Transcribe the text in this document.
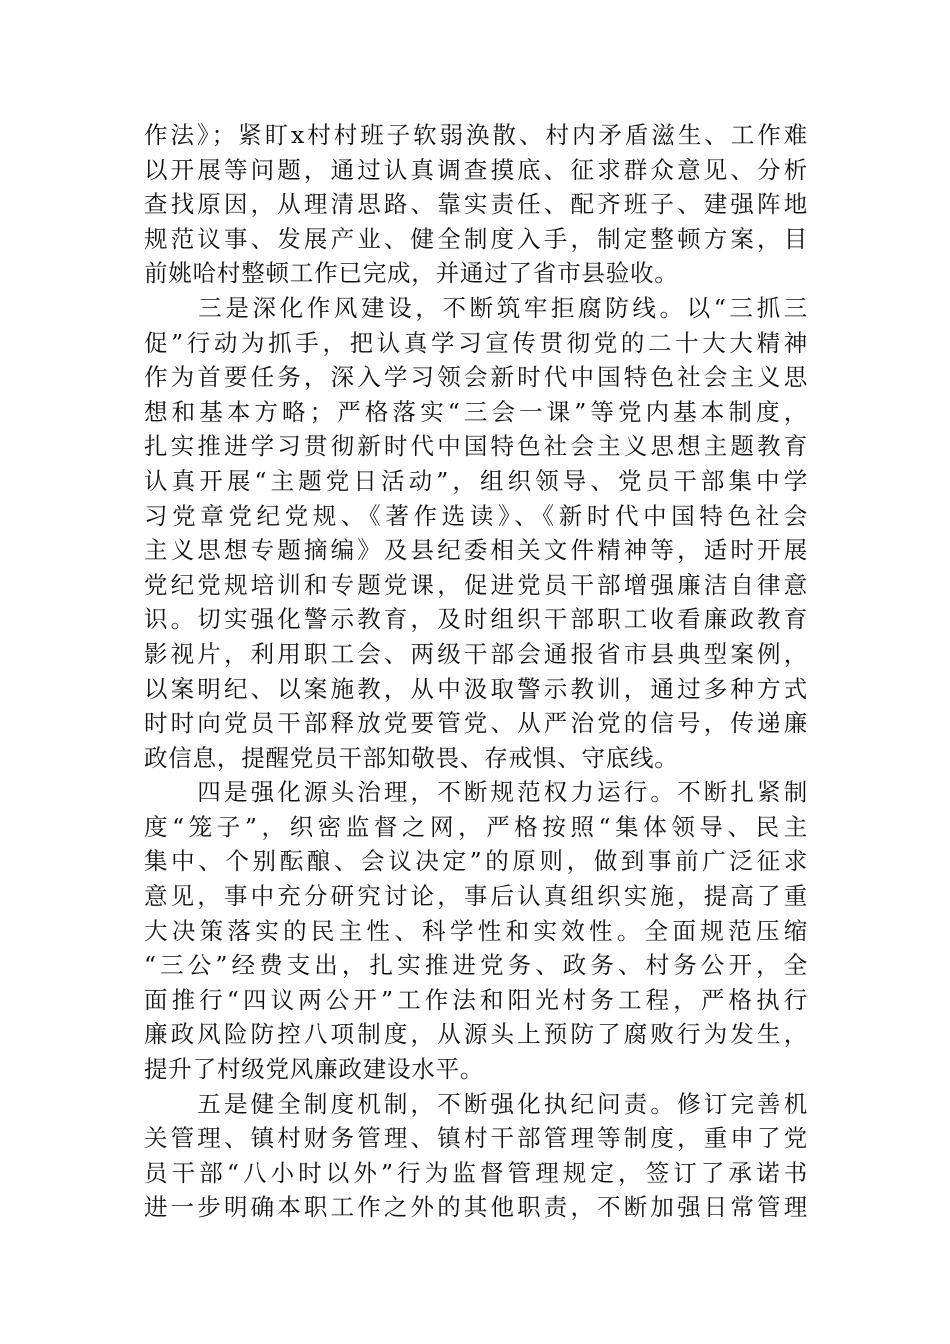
作法》；紧盯x村村班子软弱涣散、村内矛盾滋生、工作难
以开展等问题，通过认真调查摸底、征求群众意见、分析
查找原因，从理清思路、靠实责任、配齐班子、建强阵地
规范议事、发展产业、健全制度入手，制定整顿方案，目
前姚哈村整顿工作已完成，并通过了省市县验收。

　　三是深化作风建设，不断筑牢拒腐防线。以“三抓三
促”行动为抓手，把认真学习宣传贯彻党的二十大大精神
作为首要任务，深入学习领会新时代中国特色社会主义思
想和基本方略；严格落实“三会一课”等党内基本制度，
扎实推进学习贯彻新时代中国特色社会主义思想主题教育
认真开展“主题党日活动”，组织领导、党员干部集中学
习党章党纪党规、《著作选读》、《新时代中国特色社会
主义思想专题摘编》及县纪委相关文件精神等，适时开展
党纪党规培训和专题党课，促进党员干部增强廉洁自律意
识。切实强化警示教育，及时组织干部职工收看廉政教育
影视片，利用职工会、两级干部会通报省市县典型案例，
以案明纪、以案施教，从中汲取警示教训，通过多种方式
时时向党员干部释放党要管党、从严治党的信号，传递廉
政信息，提醒党员干部知敬畏、存戒惧、守底线。

　　四是强化源头治理，不断规范权力运行。不断扎紧制
度“笼子”，织密监督之网，严格按照“集体领导、民主
集中、个别酝酿、会议决定”的原则，做到事前广泛征求
意见，事中充分研究讨论，事后认真组织实施，提高了重
大决策落实的民主性、科学性和实效性。全面规范压缩
“三公”经费支出，扎实推进党务、政务、村务公开，全
面推行“四议两公开”工作法和阳光村务工程，严格执行
廉政风险防控八项制度，从源头上预防了腐败行为发生，
提升了村级党风廉政建设水平。

　　五是健全制度机制，不断强化执纪问责。修订完善机
关管理、镇村财务管理、镇村干部管理等制度，重申了党
员干部“八小时以外”行为监督管理规定，签订了承诺书
进一步明确本职工作之外的其他职责，不断加强日常管理
